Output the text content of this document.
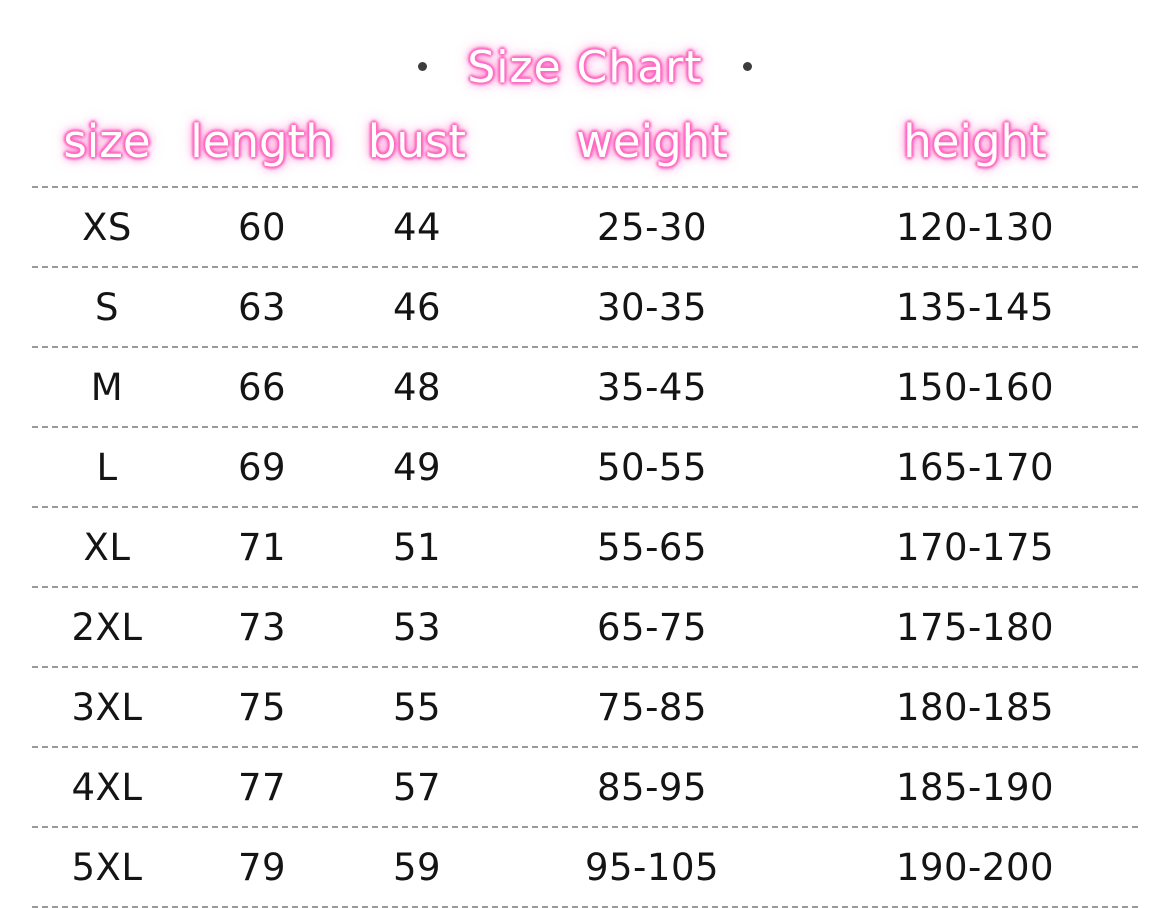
Size Chart
size length bust weight	height
XS	60	44	25-30	120-130
S	63	46	30-35	135-145
M	66	48	35-45	150-160
L	69	49	50-55	165-170
XL	71	51	55-65	170-175
2XL	73	53	65-75	175-180
3XL	75	55	75-85	180-185
4XL	77	57	85-95	185-190
5XL	79	59	95-105	190-200
